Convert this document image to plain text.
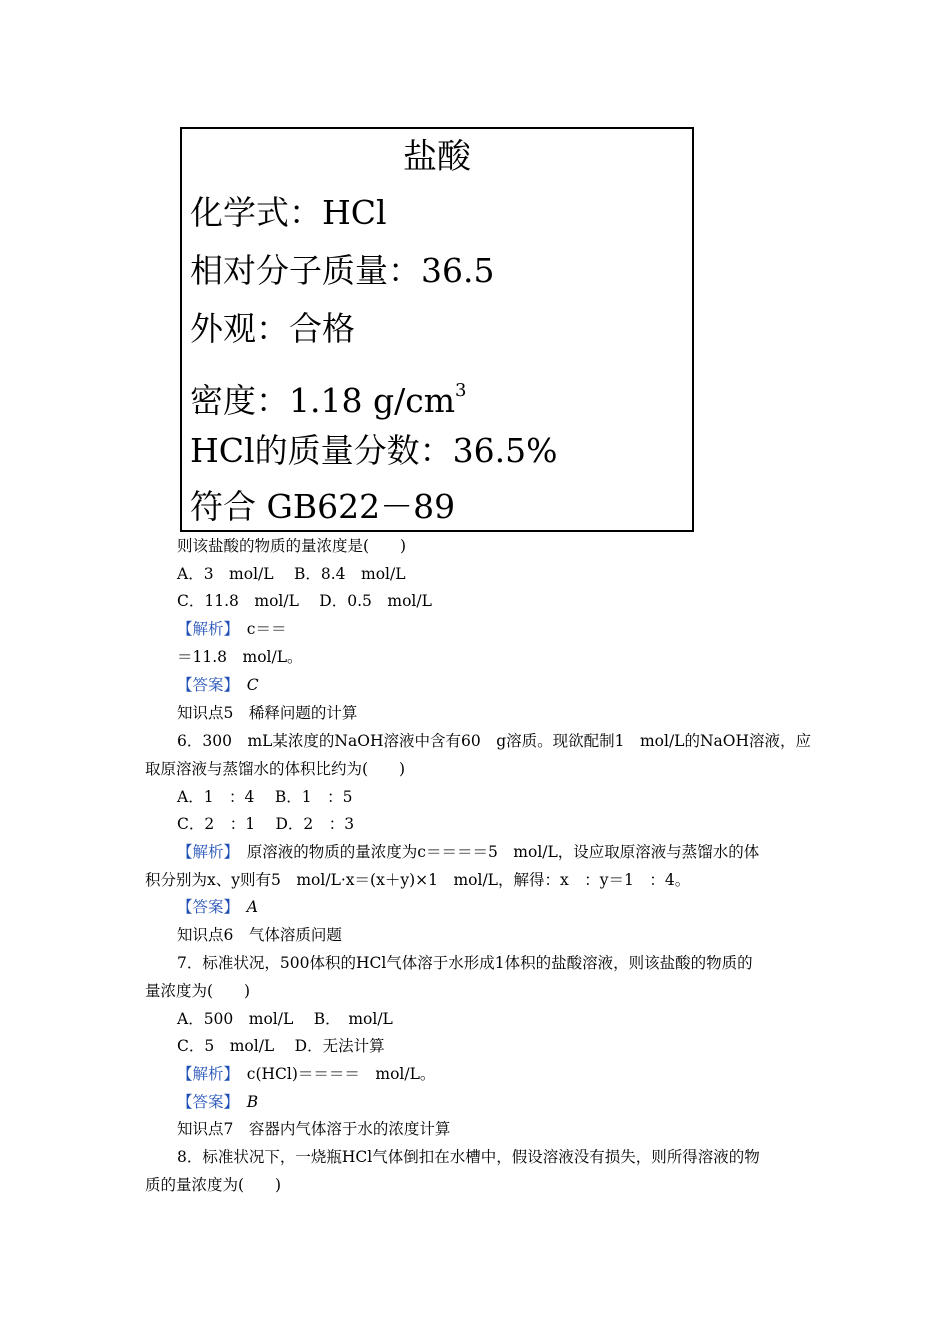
盐酸
化学式：HCl
相对分子质量：36.5
外观：合格
密度：1.18 $g/cm^3$
HCl的质量分数：36.5%
符合 GB622－89
则该盐酸的物质的量浓度是(　　)
A．3　mol/L　 B．8.4　mol/L
C．11.8　mol/L　 D．0.5　mol/L
【解析】　c＝＝
＝11.8　mol/L。
【答案】　C
知识点5　稀释问题的计算
6．300　mL某浓度的NaOH溶液中含有60　g溶质。现欲配制1　mol/L的NaOH溶液，应
取原溶液与蒸馏水的体积比约为(　　)
A．1　：4　 B．1　：5
C．2　：1　 D．2　：3
【解析】　原溶液的物质的量浓度为c＝＝＝＝5　mol/L，设应取原溶液与蒸馏水的体
积分别为x、y则有5　mol/L·x＝(x＋y)×1　mol/L，解得：x　：y＝1　：4。
【答案】　A
知识点6　气体溶质问题
7．标准状况，500体积的HCl气体溶于水形成1体积的盐酸溶液，则该盐酸的物质的
量浓度为(　　)
A．500　mol/L　 B．　mol/L
C．5　mol/L　 D．无法计算
【解析】　c(HCl)＝＝＝＝　mol/L。
【答案】　B
知识点7　容器内气体溶于水的浓度计算
8．标准状况下，一烧瓶HCl气体倒扣在水槽中，假设溶液没有损失，则所得溶液的物
质的量浓度为(　　)
